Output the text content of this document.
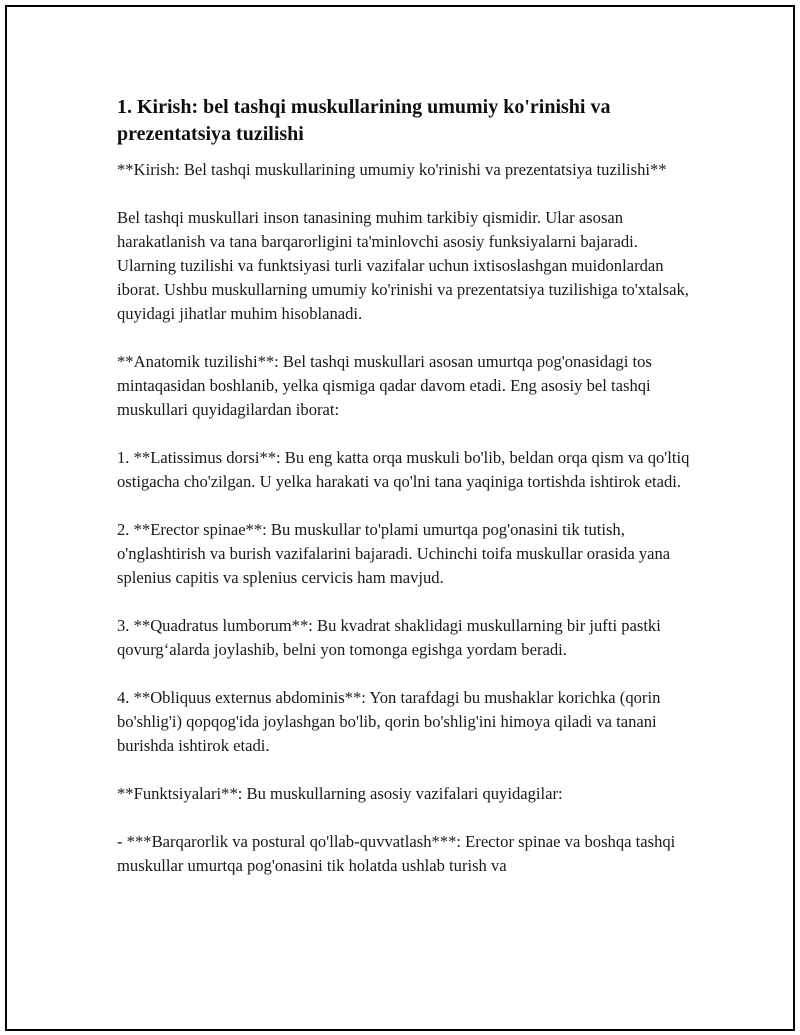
1. Kirish: bel tashqi muskullarining umumiy ko'rinishi va prezentatsiya tuzilishi

**Kirish: Bel tashqi muskullarining umumiy ko'rinishi va prezentatsiya tuzilishi**

Bel tashqi muskullari inson tanasining muhim tarkibiy qismidir. Ular asosan harakatlanish va tana barqarorligini ta'minlovchi asosiy funksiyalarni bajaradi. Ularning tuzilishi va funktsiyasi turli vazifalar uchun ixtisoslashgan muidonlardan iborat. Ushbu muskullarning umumiy ko'rinishi va prezentatsiya tuzilishiga to'xtalsak, quyidagi jihatlar muhim hisoblanadi.

**Anatomik tuzilishi**: Bel tashqi muskullari asosan umurtqa pog'onasidagi tos mintaqasidan boshlanib, yelka qismiga qadar davom etadi. Eng asosiy bel tashqi muskullari quyidagilardan iborat:

1. **Latissimus dorsi**: Bu eng katta orqa muskuli bo'lib, beldan orqa qism va qo'ltiq ostigacha cho'zilgan. U yelka harakati va qo'lni tana yaqiniga tortishda ishtirok etadi.

2. **Erector spinae**: Bu muskullar to'plami umurtqa pog'onasini tik tutish, o'nglashtirish va burish vazifalarini bajaradi. Uchinchi toifa muskullar orasida yana splenius capitis va splenius cervicis ham mavjud.

3. **Quadratus lumborum**: Bu kvadrat shaklidagi muskullarning bir jufti pastki qovurg‘alarda joylashib, belni yon tomonga egishga yordam beradi.

4. **Obliquus externus abdominis**: Yon tarafdagi bu mushaklar korichka (qorin bo'shlig'i) qopqog'ida joylashgan bo'lib, qorin bo'shlig'ini himoya qiladi va tanani burishda ishtirok etadi.

**Funktsiyalari**: Bu muskullarning asosiy vazifalari quyidagilar:

- ***Barqarorlik va postural qo'llab-quvvatlash***: Erector spinae va boshqa tashqi muskullar umurtqa pog'onasini tik holatda ushlab turish va
